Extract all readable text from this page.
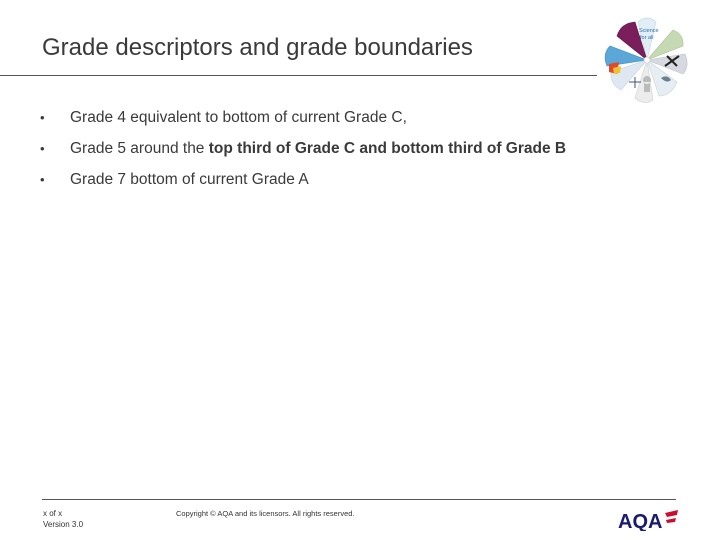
Grade descriptors and grade boundaries
Science
for all
• Grade 4 equivalent to bottom of current Grade C,
• Grade 5 around the top third of Grade C and bottom third of Grade B
• Grade 7 bottom of current Grade A
x of x
Version 3.0
Copyright © AQA and its licensors. All rights reserved.	AQA
